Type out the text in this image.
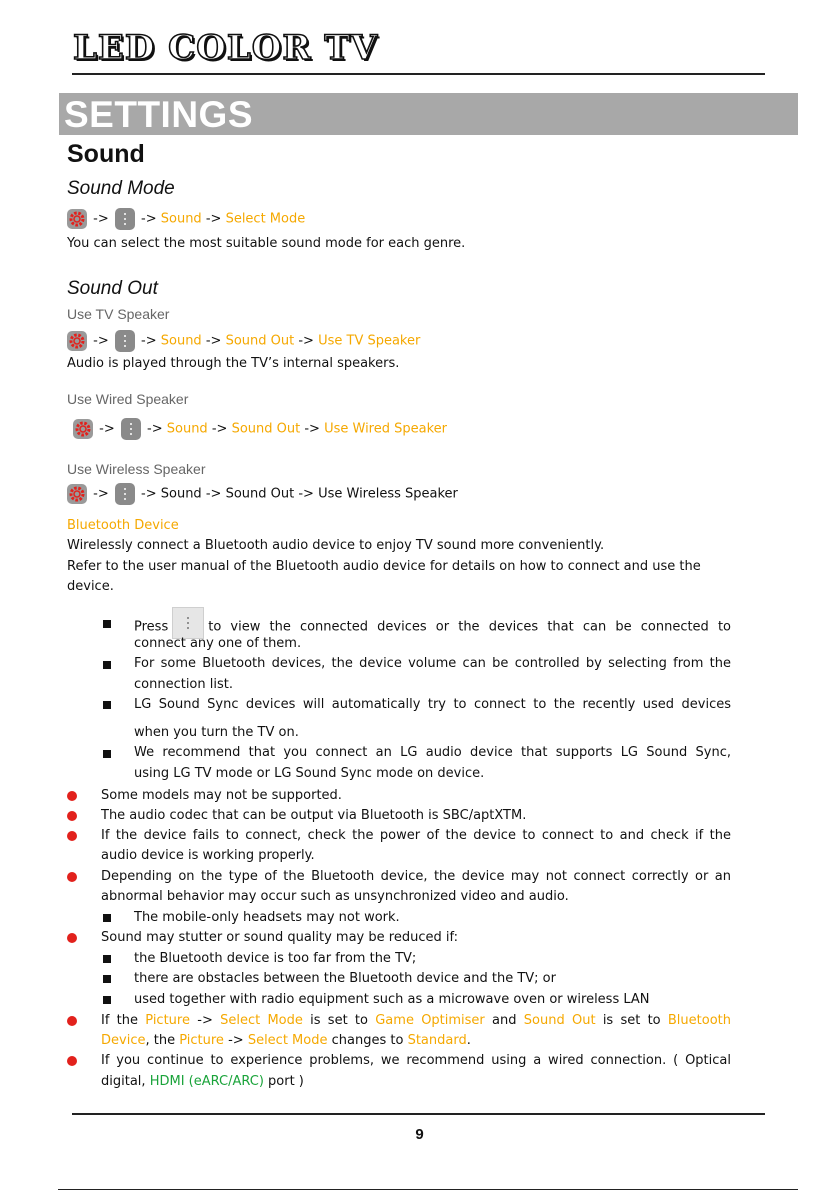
LED COLOR TV
SETTINGS
Sound
Sound Mode
-> -> Sound -> Select Mode
You can select the most suitable sound mode for each genre.
Sound Out
Use TV Speaker
-> -> Sound -> Sound Out -> Use TV Speaker
Audio is played through the TV’s internal speakers.
Use Wired Speaker
-> -> Sound -> Sound Out -> Use Wired Speaker
Use Wireless Speaker
-> -> Sound -> Sound Out -> Use Wireless Speaker
Bluetooth Device
Wirelessly connect a Bluetooth audio device to enjoy TV sound more conveniently.
Refer to the user manual of the Bluetooth audio device for details on how to connect and use the
device.
Press	to view the connected devices or the devices that can be connected to
connect any one of them.
For some Bluetooth devices, the device volume can be controlled by selecting from the
connection list.
LG Sound Sync devices will automatically try to connect to the recently used devices
when you turn the TV on.
We recommend that you connect an LG audio device that supports LG Sound Sync,
using LG TV mode or LG Sound Sync mode on device.
Some models may not be supported.
The audio codec that can be output via Bluetooth is SBC/aptXTM.
If the device fails to connect, check the power of the device to connect to and check if the
audio device is working properly.
Depending on the type of the Bluetooth device, the device may not connect correctly or an
abnormal behavior may occur such as unsynchronized video and audio.
The mobile-only headsets may not work.
Sound may stutter or sound quality may be reduced if:
the Bluetooth device is too far from the TV;
there are obstacles between the Bluetooth device and the TV; or
used together with radio equipment such as a microwave oven or wireless LAN
If the Picture -> Select Mode is set to Game Optimiser and Sound Out is set to Bluetooth
Device, the Picture -> Select Mode changes to Standard.
If you continue to experience problems, we recommend using a wired connection. ( Optical
digital, HDMI (eARC/ARC) port )
9
